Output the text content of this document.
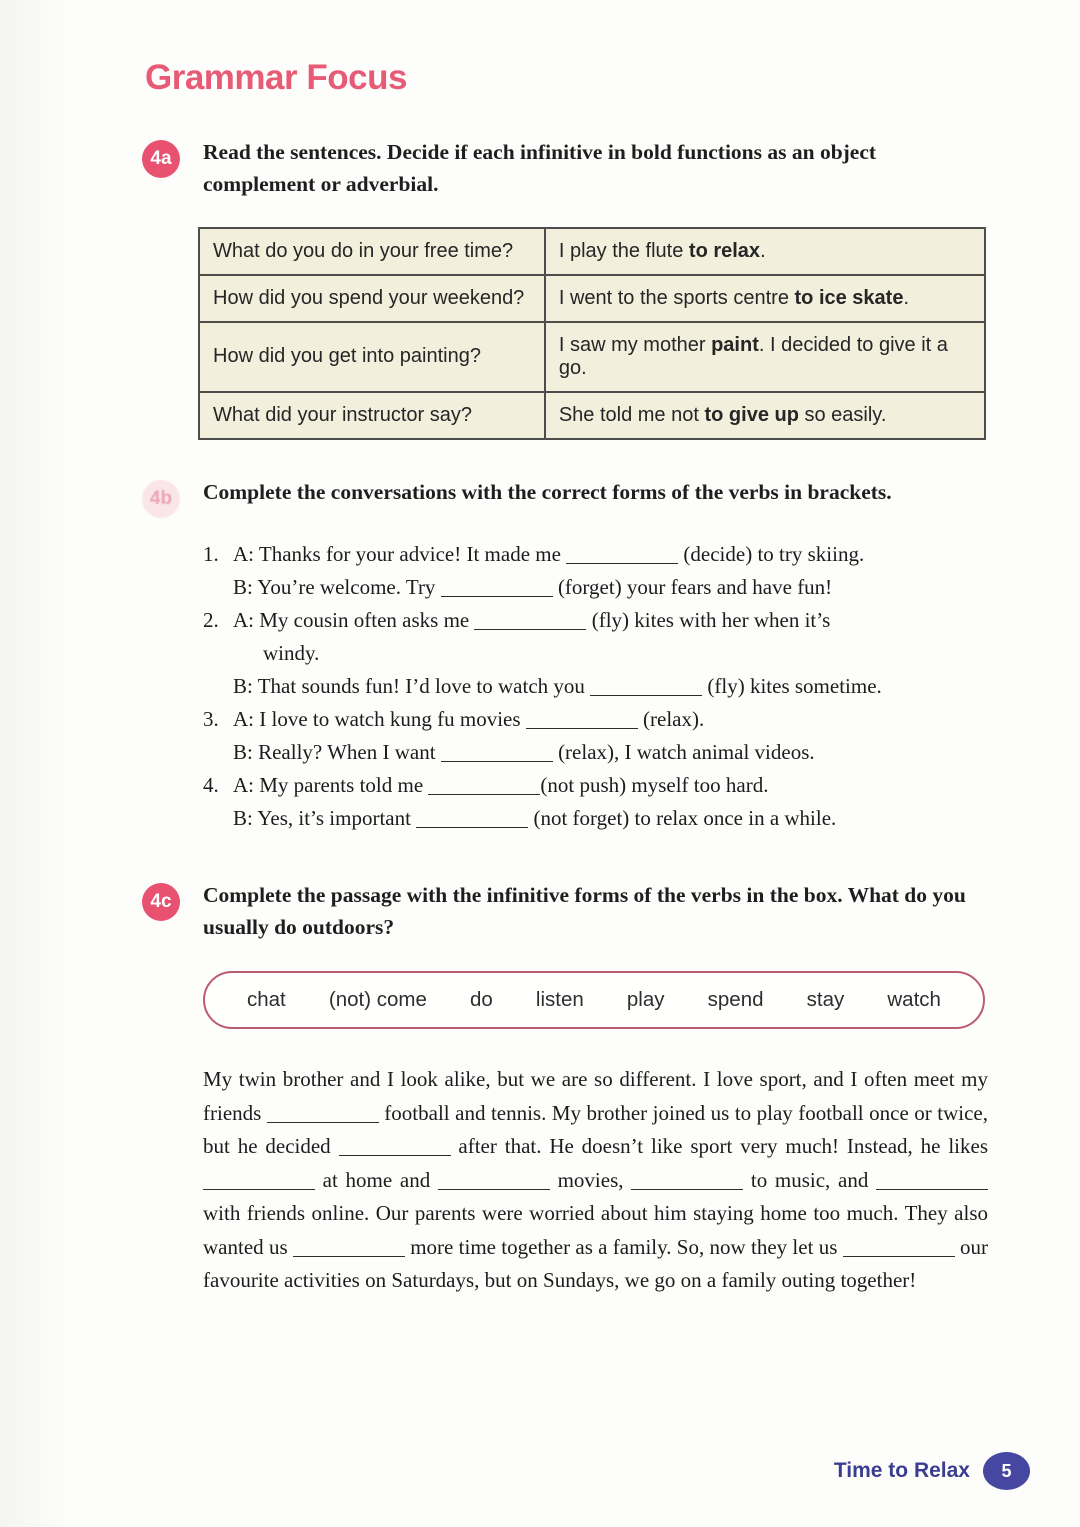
Grammar Focus
4a	Read the sentences. Decide if each infinitive in bold functions as an object complement or adverbial.

What do you do in your free time?	I play the flute to relax.
How did you spend your weekend?	I went to the sports centre to ice skate.
How did you get into painting?	I saw my mother paint. I decided to give it a go.
What did your instructor say?	She told me not to give up so easily.
4b	Complete the conversations with the correct forms of the verbs in brackets.

1. A: Thanks for your advice! It made me	(decide) to try skiing.
B: You’re welcome. Try	(forget) your fears and have fun!
2. A: My cousin often asks me	(fly) kites with her when it’s
windy.
B: That sounds fun! I’d love to watch you	(fly) kites sometime.
3. A: I love to watch kung fu movies	(relax).
B: Really? When I want	(relax), I watch animal videos.
4. A: My parents told me	(not push) myself too hard.
B: Yes, it’s important	(not forget) to relax once in a while.
4c	Complete the passage with the infinitive forms of the verbs in the box. What do you usually do outdoors?

chat (not) come do listen play spend stay watch

My twin brother and I look alike, but we are so different. I love sport, and I often meet my friends	football and tennis. My brother joined us to play football once or twice, but he decided	after that. He doesn’t like sport very much! Instead, he likes  at home and	movies,	to music, and  with friends online. Our parents were worried about him staying home too much. They also wanted us	more time together as a family. So, now they let us	our favourite activities on Saturdays, but on Sundays, we go on a family outing together!

Time to Relax	5
